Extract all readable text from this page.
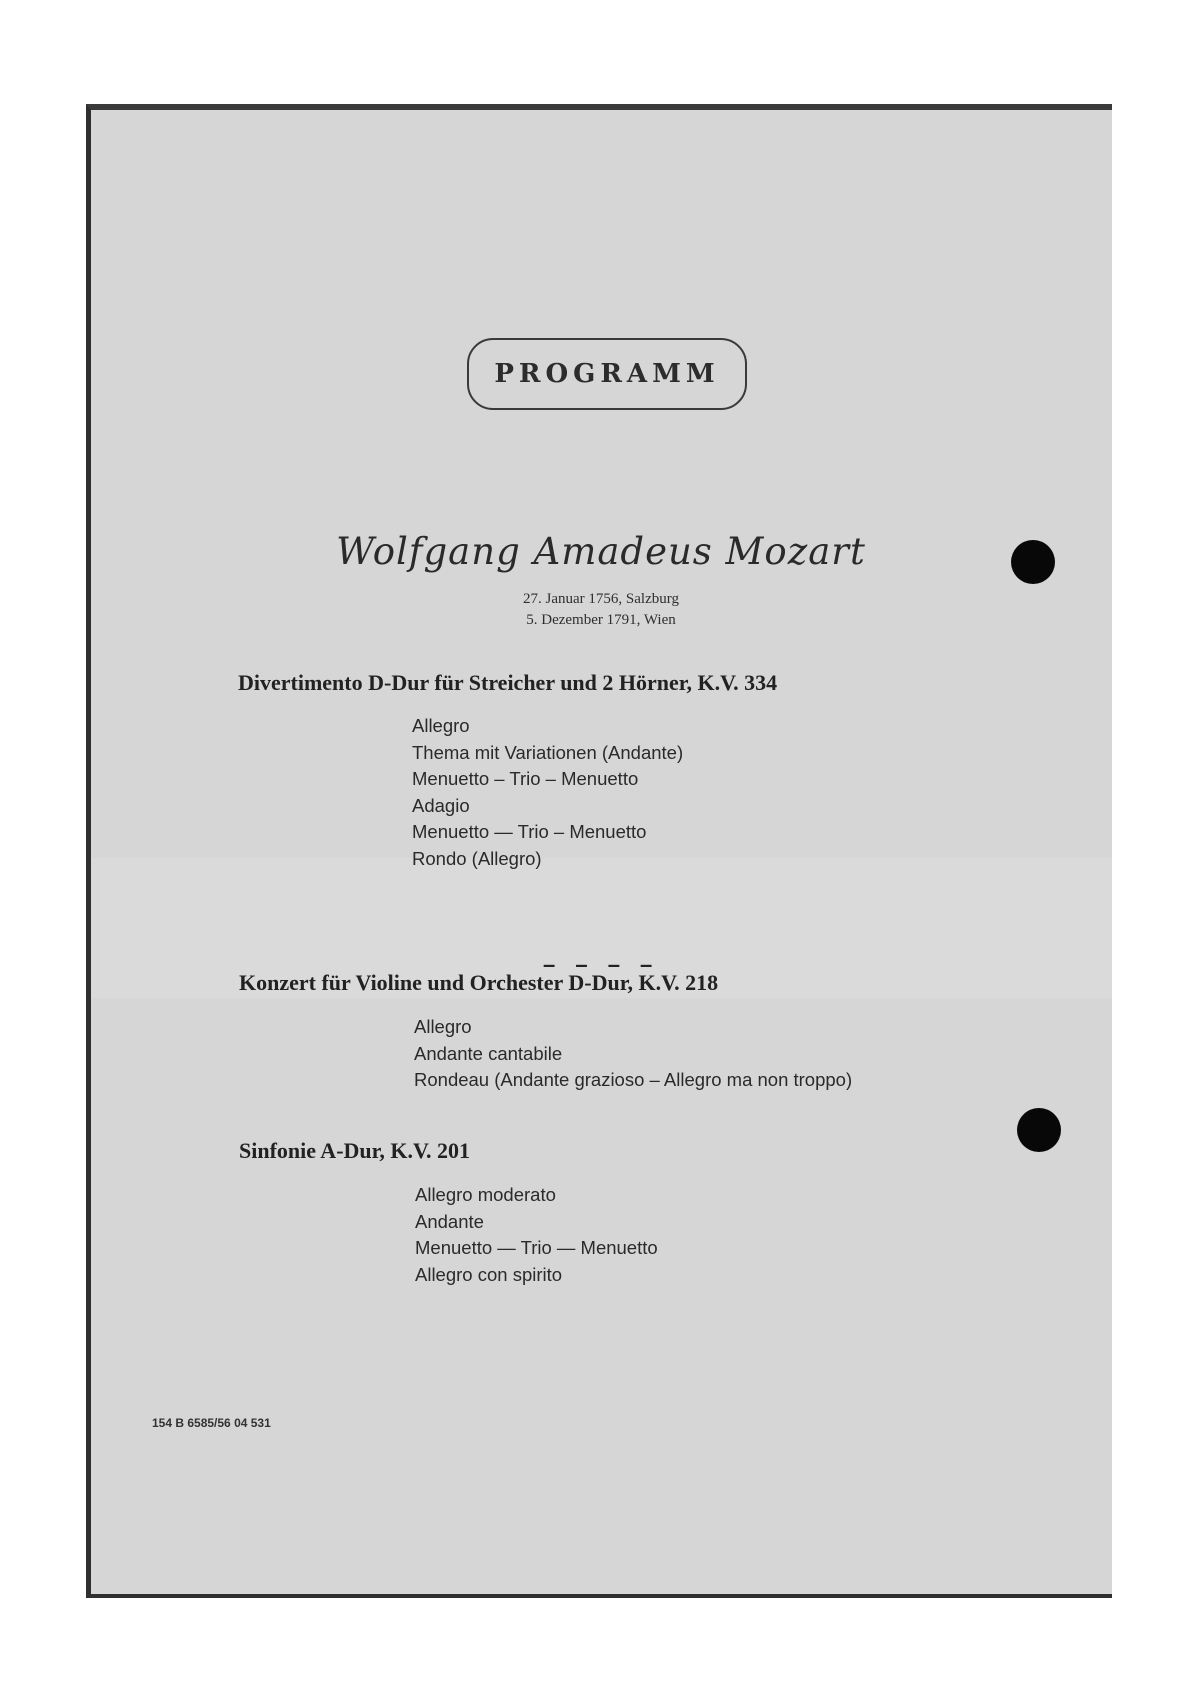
PROGRAMM
Wolfgang Amadeus Mozart
27. Januar 1756, Salzburg
5. Dezember 1791, Wien
Divertimento D-Dur für Streicher und 2 Hörner, K.V. 334
Allegro
Thema mit Variationen (Andante)
Menuetto – Trio – Menuetto
Adagio
Menuetto — Trio – Menuetto
Rondo (Allegro)
– – – –
Konzert für Violine und Orchester D-Dur, K.V. 218
Allegro
Andante cantabile
Rondeau (Andante grazioso – Allegro ma non troppo)
Sinfonie A-Dur, K.V. 201
Allegro moderato
Andante
Menuetto — Trio — Menuetto
Allegro con spirito
154 B 6585/56 04 531
